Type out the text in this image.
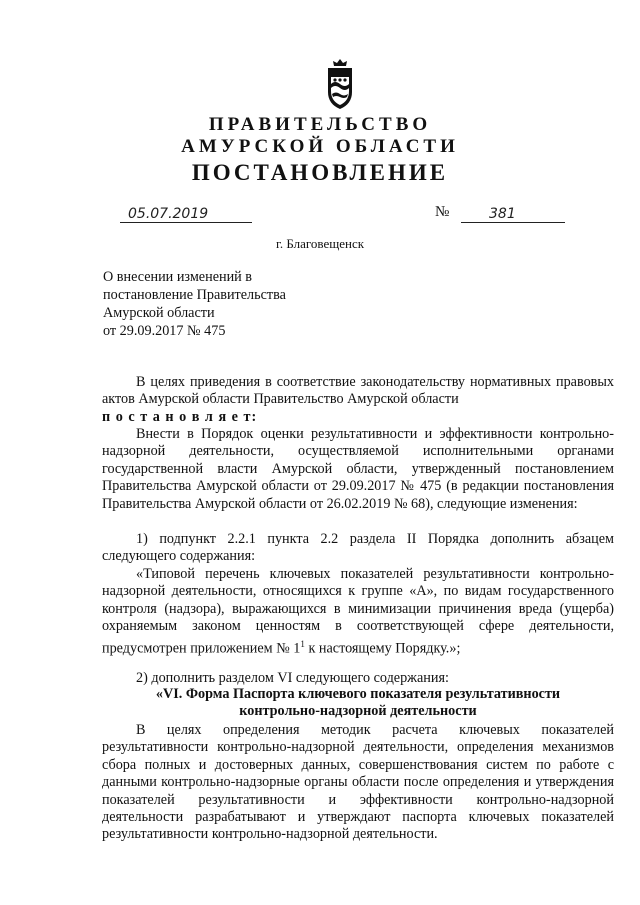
ПРАВИТЕЛЬСТВО
АМУРСКОЙ ОБЛАСТИ
ПОСТАНОВЛЕНИЕ
05.07.2019	№	381
г. Благовещенск
О внесении изменений в
постановление Правительства
Амурской области
от 29.09.2017 № 475
В целях приведения в соответствие законодательству нормативных правовых актов Амурской области Правительство Амурской области
п о с т а н о в л я е т:
Внести в Порядок оценки результативности и эффективности контрольно-надзорной деятельности, осуществляемой исполнительными органами государственной власти Амурской области, утвержденный постановлением Правительства Амурской области от 29.09.2017 № 475 (в редакции постановления Правительства Амурской области от 26.02.2019 № 68), следующие изменения:
1) подпункт 2.2.1 пункта 2.2 раздела II Порядка дополнить абзацем следующего содержания:
«Типовой перечень ключевых показателей результативности контрольно-надзорной деятельности, относящихся к группе «А», по видам государственного контроля (надзора), выражающихся в минимизации причинения вреда (ущерба) охраняемым законом ценностям в соответствующей сфере деятельности, предусмотрен приложением № $1^1$ к настоящему Порядку.»;
2) дополнить разделом VI следующего содержания:
«VI. Форма Паспорта ключевого показателя результативности
контрольно-надзорной деятельности
В целях определения методик расчета ключевых показателей результативности контрольно-надзорной деятельности, определения механизмов сбора полных и достоверных данных, совершенствования систем по работе с данными контрольно-надзорные органы области после определения и утверждения показателей результативности и эффективности контрольно-надзорной деятельности разрабатывают и утверждают паспорта ключевых показателей результативности контрольно-надзорной деятельности.
